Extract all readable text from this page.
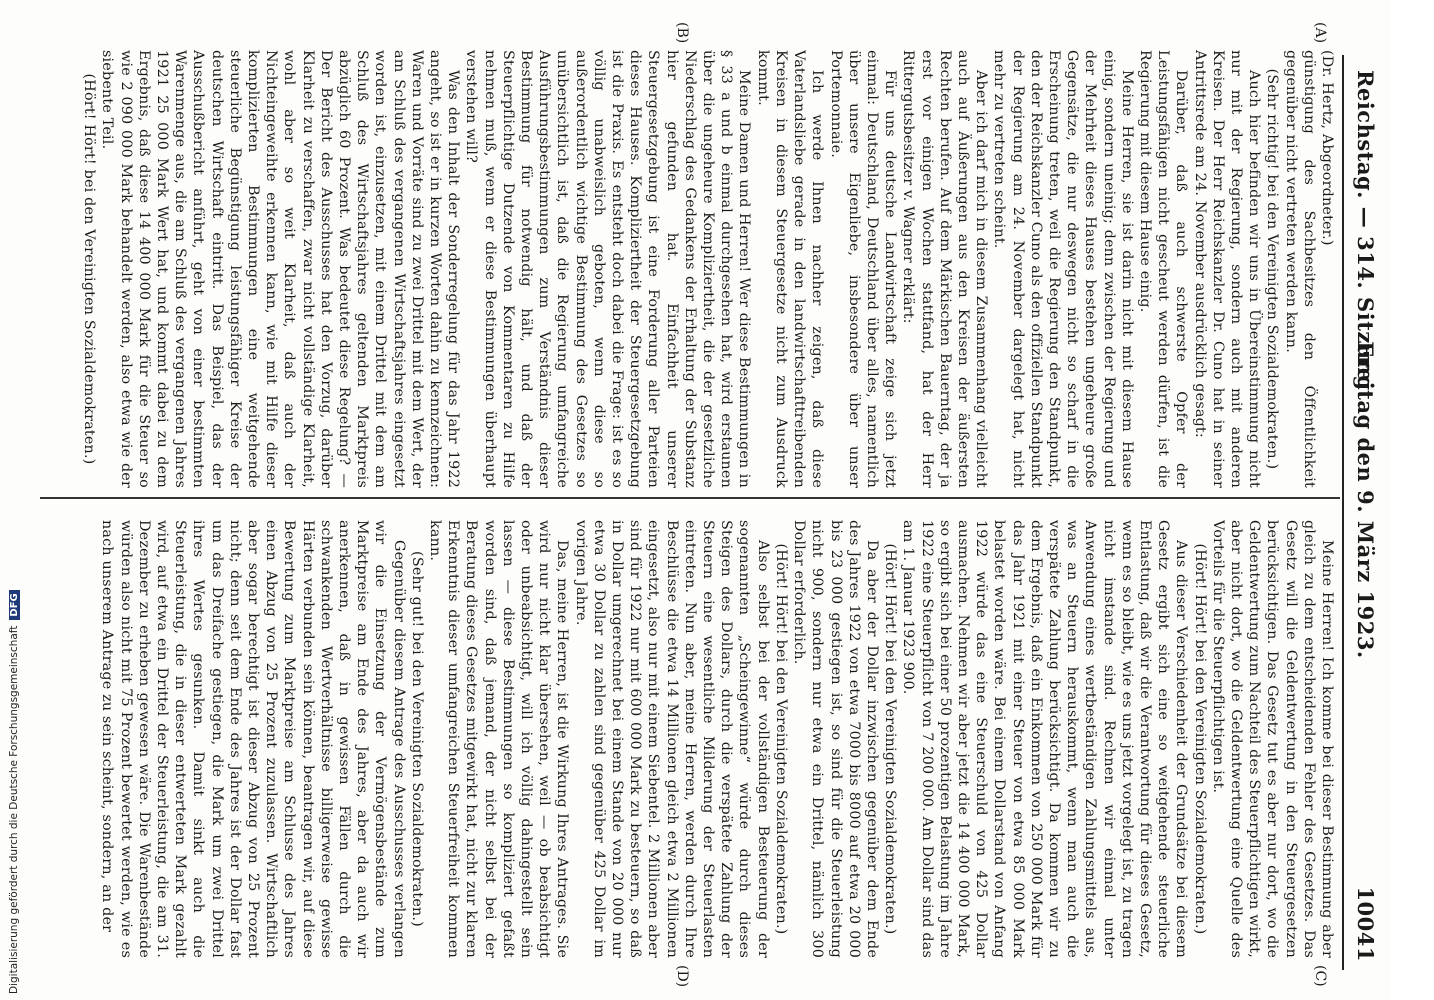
Reichstag. — 314. Sitzung.
Freitag den 9. März 1923.
10041
(A)
(B)
(C)
(D)

(Dr. Hertz, Abgeordneter.)

günstigung des Sachbesitzes den Öffentlichkeit gegenüber nicht vertreten werden kann.

(Sehr richtig! bei den Vereinigten Sozialdemokraten.)

Auch hier befinden wir uns in Übereinstimmung nicht nur mit der Regierung, sondern auch mit anderen Kreisen. Der Herr Reichskanzler Dr. Cuno hat in seiner Antrittsrede am 24. November ausdrücklich gesagt:

Darüber, daß auch schwerste Opfer der Leistungsfähigen nicht gescheut werden dürfen, ist die Regierung mit diesem Hause einig.

Meine Herren, sie ist darin nicht mit diesem Hause einig, sondern uneinig; denn zwischen der Regierung und der Mehrheit dieses Hauses bestehen ungeheure große Gegensätze, die nur deswegen nicht so scharf in die Erscheinung treten, weil die Regierung den Standpunkt, den der Reichskanzler Cuno als den offiziellen Standpunkt der Regierung am 24. November dargelegt hat, nicht mehr zu vertreten scheint.

Aber ich darf mich in diesem Zusammenhang vielleicht auch auf Äußerungen aus den Kreisen der äußersten Rechten berufen. Auf dem Märkischen Bauerntag, der ja erst vor einigen Wochen stattfand, hat der Herr Rittergutsbesitzer v. Wagner erklärt:

Für uns deutsche Landwirtschaft zeige sich jetzt einmal: Deutschland, Deutschland über alles, namentlich über unsere Eigenliebe, insbesondere über unser Portemonnaie.

Ich werde Ihnen nachher zeigen, daß diese Vaterlandsliebe gerade in den landwirtschafttreibenden Kreisen in diesem Steuergesetze nicht zum Ausdruck kommt.

Meine Damen und Herren! Wer diese Bestimmungen in § 33 a und b einmal durchgesehen hat, wird erstaunen über die ungeheure Kompliziertheit, die der gesetzliche Niederschlag des Gedankens der Erhaltung der Substanz hier gefunden hat. Einfachheit unserer Steuergesetzgebung ist eine Forderung aller Parteien dieses Hauses. Kompliziertheit der Steuergesetzgebung ist die Praxis. Es entsteht doch dabei die Frage: ist es so völlig unabweislich geboten, wenn diese so außerordentlich wichtige Bestimmung des Gesetzes so unübersichtlich ist, daß die Regierung umfangreiche Ausführungsbestimmungen zum Verständnis dieser Bestimmung für notwendig hält, und daß der Steuerpflichtige Dutzende von Kommentaren zu Hilfe nehmen muß, wenn er diese Bestimmungen überhaupt verstehen will?

Was den Inhalt der Sonderregelung für das Jahr 1922 angeht, so ist er in kurzen Worten dahin zu kennzeichnen: Waren und Vorräte sind zu zwei Drittel mit dem Wert, der am Schluß des vergangenen Wirtschaftsjahres eingesetzt worden ist, einzusetzen, mit einem Drittel mit dem am Schluß des Wirtschaftsjahres geltenden Marktpreis abzüglich 60 Prozent. Was bedeutet diese Regelung? — Der Bericht des Ausschusses hat den Vorzug, darüber Klarheit zu verschaffen, zwar nicht vollständige Klarheit, wohl aber so weit Klarheit, daß auch der Nichteingeweihte erkennen kann, wie mit Hilfe dieser komplizierten Bestimmungen eine weitgehende steuerliche Begünstigung leistungsfähiger Kreise der deutschen Wirtschaft eintritt. Das Beispiel, das der Ausschußbericht anführt, geht von einer bestimmten Warenmenge aus, die am Schluß des vergangenen Jahres 1921 25 000 Mark Wert hat, und kommt dabei zu dem Ergebnis, daß diese 14 400 000 Mark für die Steuer so wie 2 090 000 Mark behandelt werden, also etwa wie der siebente Teil.

(Hört! Hört! bei den Vereinigten Sozialdemokraten.)

Meine Herren! Ich komme bei dieser Bestimmung aber gleich zu dem entscheidenden Fehler des Gesetzes. Das Gesetz will die Geldentwertung in den Steuergesetzen berücksichtigen. Das Gesetz tut es aber nur dort, wo die Geldentwertung zum Nachteil des Steuerpflichtigen wirkt, aber nicht dort, wo die Geldentwertung eine Quelle des Vorteils für die Steuerpflichtigen ist.

(Hört! Hört! bei den Vereinigten Sozialdemokraten.)

Aus dieser Verschiedenheit der Grundsätze bei diesem Gesetz ergibt sich eine so weitgehende steuerliche Entlastung, daß wir die Verantwortung für dieses Gesetz, wenn es so bleibt, wie es uns jetzt vorgelegt ist, zu tragen nicht imstande sind. Rechnen wir einmal unter Anwendung eines wertbeständigen Zahlungsmittels aus, was an Steuern herauskommt, wenn man auch die verspätete Zahlung berücksichtigt. Da kommen wir zu dem Ergebnis, daß ein Einkommen von 250 000 Mark für das Jahr 1921 mit einer Steuer von etwa 85 000 Mark belastet worden wäre. Bei einem Dollarstand von Anfang 1922 würde das eine Steuerschuld von 425 Dollar ausmachen. Nehmen wir aber jetzt die 14 400 000 Mark, so ergibt sich bei einer 50 prozentigen Belastung im Jahre 1922 eine Steuerpflicht von 7 200 000. Am Dollar sind das am 1. Januar 1923 900.

(Hört! Hört! bei den Vereinigten Sozialdemokraten.)

Da aber der Dollar inzwischen gegenüber dem Ende des Jahres 1922 von etwa 7000 bis 8000 auf etwa 20 000 bis 23 000 gestiegen ist, so sind für die Steuerleistung nicht 900, sondern nur etwa ein Drittel, nämlich 300 Dollar erforderlich.

(Hört! Hört! bei den Vereinigten Sozialdemokraten.)

Also selbst bei der vollständigen Besteuerung der sogenannten „Scheingewinne“ würde durch dieses Steigen des Dollars, durch die verspätete Zahlung der Steuern eine wesentliche Milderung der Steuerlasten eintreten. Nun aber, meine Herren, werden durch Ihre Beschlüsse die etwa 14 Millionen gleich etwa 2 Millionen eingesetzt, also nur mit einem Siebentel. 2 Millionen aber sind für 1922 nur mit 600 000 Mark zu besteuern, so daß in Dollar umgerechnet bei einem Stande von 20 000 nur etwa 30 Dollar zu zahlen sind gegenüber 425 Dollar im vorigen Jahre.

Das, meine Herren, ist die Wirkung Ihres Antrages. Sie wird nur nicht klar übersehen, weil — ob beabsichtigt oder unbeabsichtigt, will ich völlig dahingestellt sein lassen — diese Bestimmungen so kompliziert gefaßt worden sind, daß jemand, der nicht selbst bei der Beratung dieses Gesetzes mitgewirkt hat, nicht zur klaren Erkenntnis dieser umfangreichen Steuerfreiheit kommen kann.

(Sehr gut! bei den Vereinigten Sozialdemokraten.)

Gegenüber diesem Antrage des Ausschusses verlangen wir die Einsetzung der Vermögensbestände zum Marktpreise am Ende des Jahres, aber da auch wir anerkennen, daß in gewissen Fällen durch die schwankenden Wertverhältnisse billigerweise gewisse Härten verbunden sein können, beantragen wir, auf diese Bewertung zum Marktpreise am Schlusse des Jahres einen Abzug von 25 Prozent zuzulassen. Wirtschaftlich aber sogar berechtigt ist dieser Abzug von 25 Prozent nicht; denn seit dem Ende des Jahres ist der Dollar fast um das Dreifache gestiegen, die Mark um zwei Drittel ihres Wertes gesunken. Damit sinkt auch die Steuerleistung, die in dieser entwerteten Mark gezahlt wird, auf etwa ein Drittel der Steuerleistung, die am 31. Dezember zu erheben gewesen wäre. Die Warenbestände würden also nicht mit 75 Prozent bewertet werden, wie es nach unserem Antrage zu sein scheint, sondern, an der

Digitalisierung gefördert durch die Deutsche ForschungsgemeinschaftDFG
